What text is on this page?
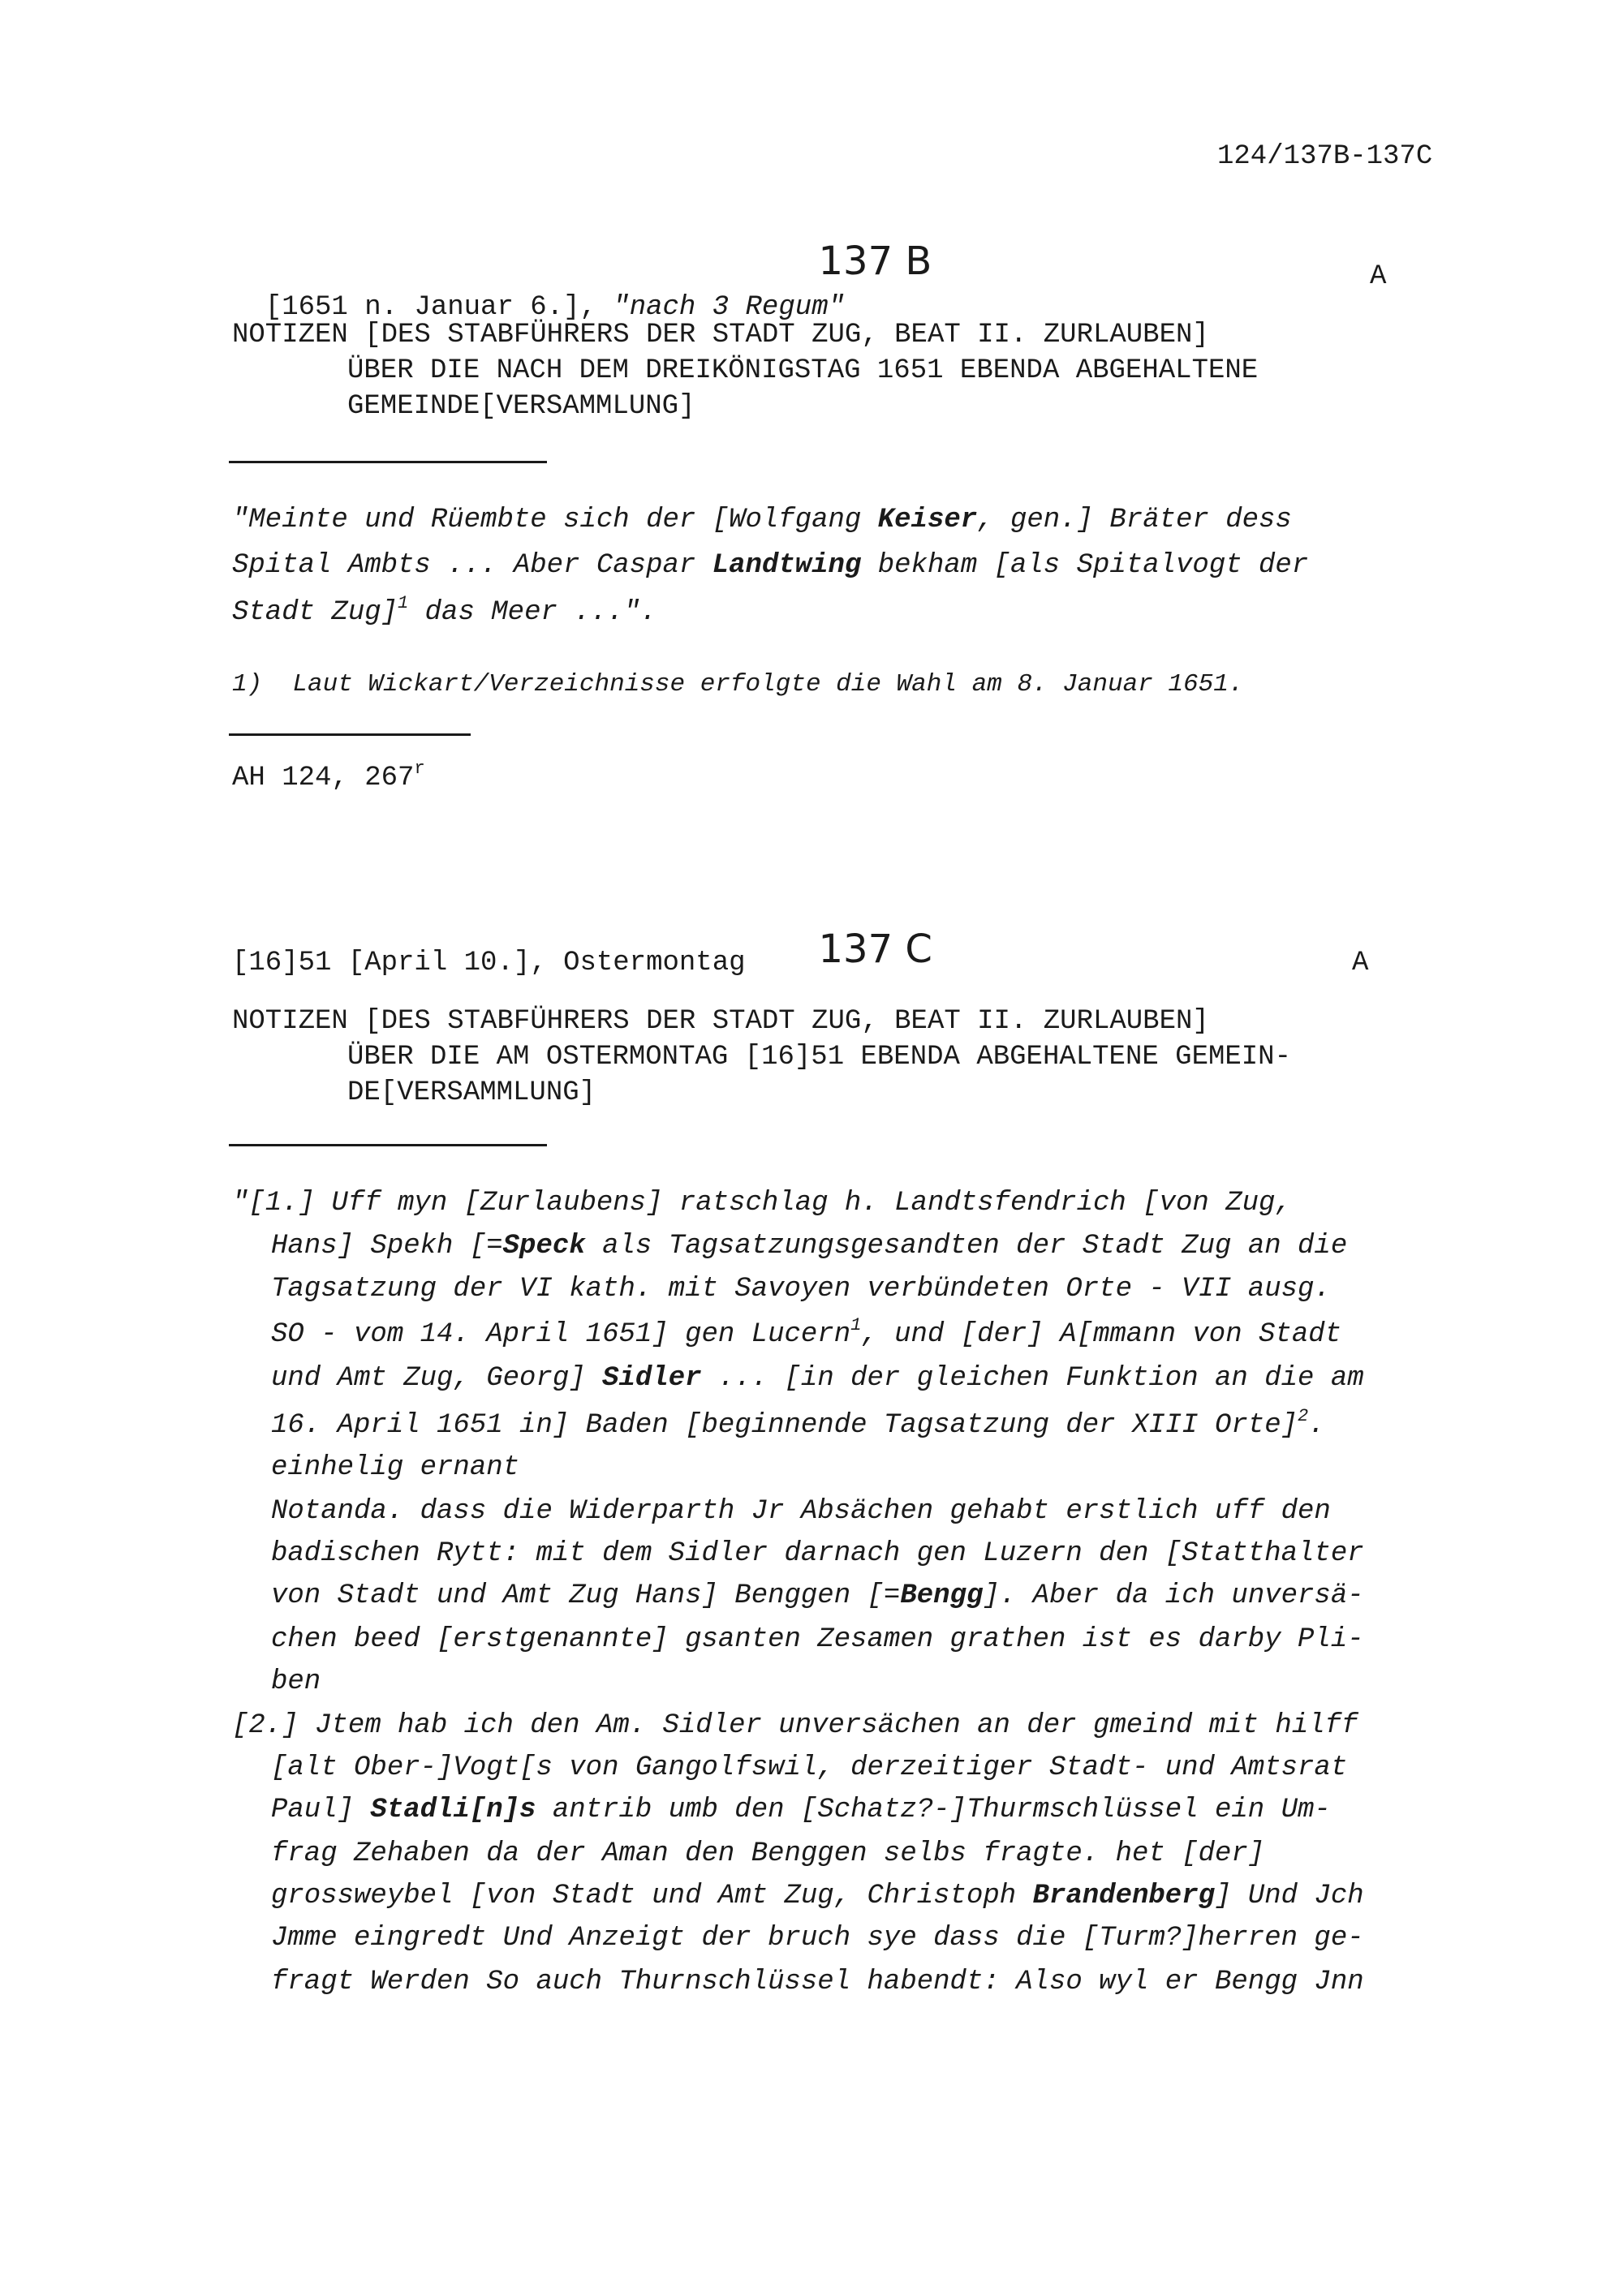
124/137B-137C

137 B

[1651 n. Januar 6.], "nach 3 Regum"

A
NOTIZEN [DES STABFÜHRERS DER STADT ZUG, BEAT II. ZURLAUBEN]
ÜBER DIE NACH DEM DREIKÖNIGSTAG 1651 EBENDA ABGEHALTENE
GEMEINDE[VERSAMMLUNG]
"Meinte und Rüembte sich der [Wolfgang Keiser, gen.] Bräter dess
Spital Ambts ... Aber Caspar Landtwing bekham [als Spitalvogt der
Stadt Zug]$^1$ das Meer ...".
1) Laut Wickart/Verzeichnisse erfolgte die Wahl am 8. Januar 1651.
AH 124, 267$^r$

137 C

[16]51 [April 10.], Ostermontag	A
NOTIZEN [DES STABFÜHRERS DER STADT ZUG, BEAT II. ZURLAUBEN]
ÜBER DIE AM OSTERMONTAG [16]51 EBENDA ABGEHALTENE GEMEIN-
DE[VERSAMMLUNG]
"[1.] Uff myn [Zurlaubens] ratschlag h. Landtsfendrich [von Zug,
Hans] Spekh [=Speck als Tagsatzungsgesandten der Stadt Zug an die
Tagsatzung der VI kath. mit Savoyen verbündeten Orte - VII ausg.
SO - vom 14. April 1651] gen Lucern$^1$, und [der] A[mmann von Stadt
und Amt Zug, Georg] Sidler ... [in der gleichen Funktion an die am
16. April 1651 in] Baden [beginnende Tagsatzung der XIII Orte]$^2$.
einhelig ernant
Notanda. dass die Widerparth Jr Absächen gehabt erstlich uff den
badischen Rytt: mit dem Sidler darnach gen Luzern den [Statthalter
von Stadt und Amt Zug Hans] Benggen [=Bengg]. Aber da ich unversä-
chen beed [erstgenannte] gsanten Zesamen grathen ist es darby Pli-
ben
[2.] Jtem hab ich den Am. Sidler unversächen an der gmeind mit hilff
[alt Ober-]Vogt[s von Gangolfswil, derzeitiger Stadt- und Amtsrat
Paul] Stadli[n]s antrib umb den [Schatz?-]Thurmschlüssel ein Um-
frag Zehaben da der Aman den Benggen selbs fragte. het [der]
grossweybel [von Stadt und Amt Zug, Christoph Brandenberg] Und Jch
Jmme eingredt Und Anzeigt der bruch sye dass die [Turm?]herren ge-
fragt Werden So auch Thurnschlüssel habendt: Also wyl er Bengg Jnn
